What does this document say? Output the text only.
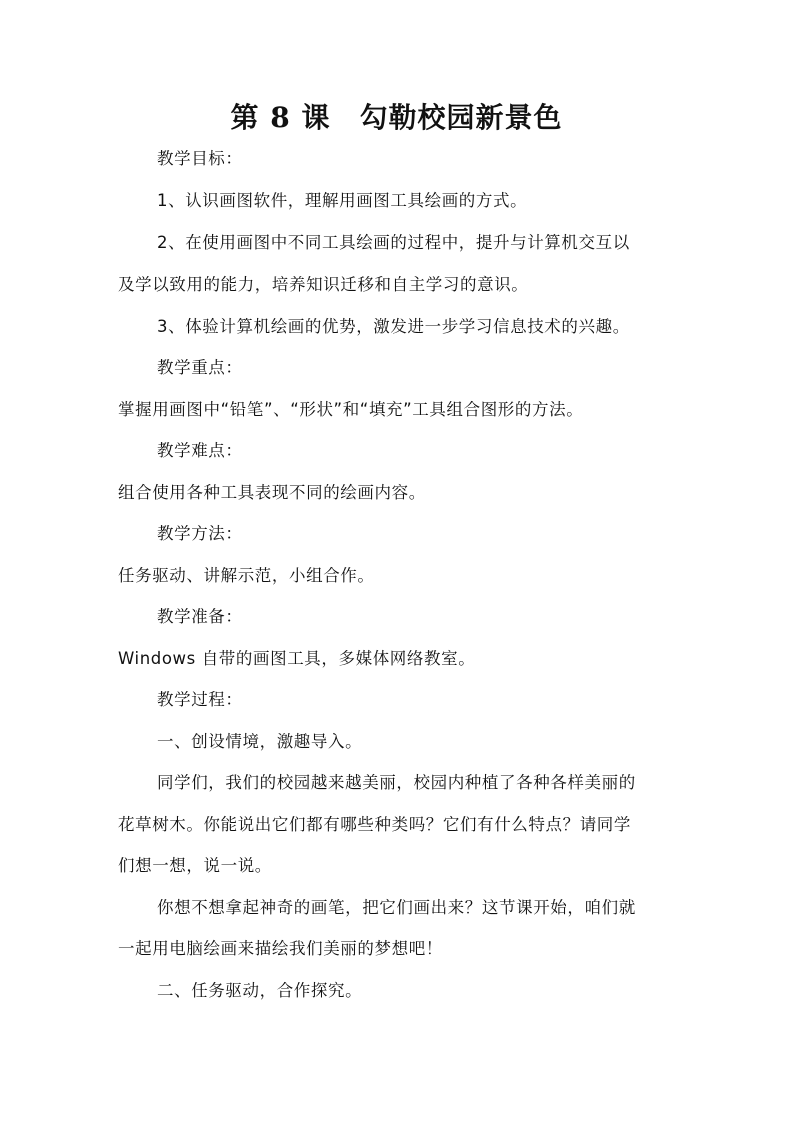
第 8 课　勾勒校园新景色
教学目标：
1、认识画图软件，理解用画图工具绘画的方式。
2、在使用画图中不同工具绘画的过程中，提升与计算机交互以
及学以致用的能力，培养知识迁移和自主学习的意识。
3、体验计算机绘画的优势，激发进一步学习信息技术的兴趣。
教学重点：
掌握用画图中“铅笔”、“形状”和“填充”工具组合图形的方法。
教学难点：
组合使用各种工具表现不同的绘画内容。
教学方法：
任务驱动、讲解示范，小组合作。
教学准备：
Windows 自带的画图工具，多媒体网络教室。
教学过程：
一、创设情境，激趣导入。
同学们，我们的校园越来越美丽，校园内种植了各种各样美丽的
花草树木。你能说出它们都有哪些种类吗？它们有什么特点？请同学
们想一想，说一说。
你想不想拿起神奇的画笔，把它们画出来？这节课开始，咱们就
一起用电脑绘画来描绘我们美丽的梦想吧！
二、任务驱动，合作探究。
